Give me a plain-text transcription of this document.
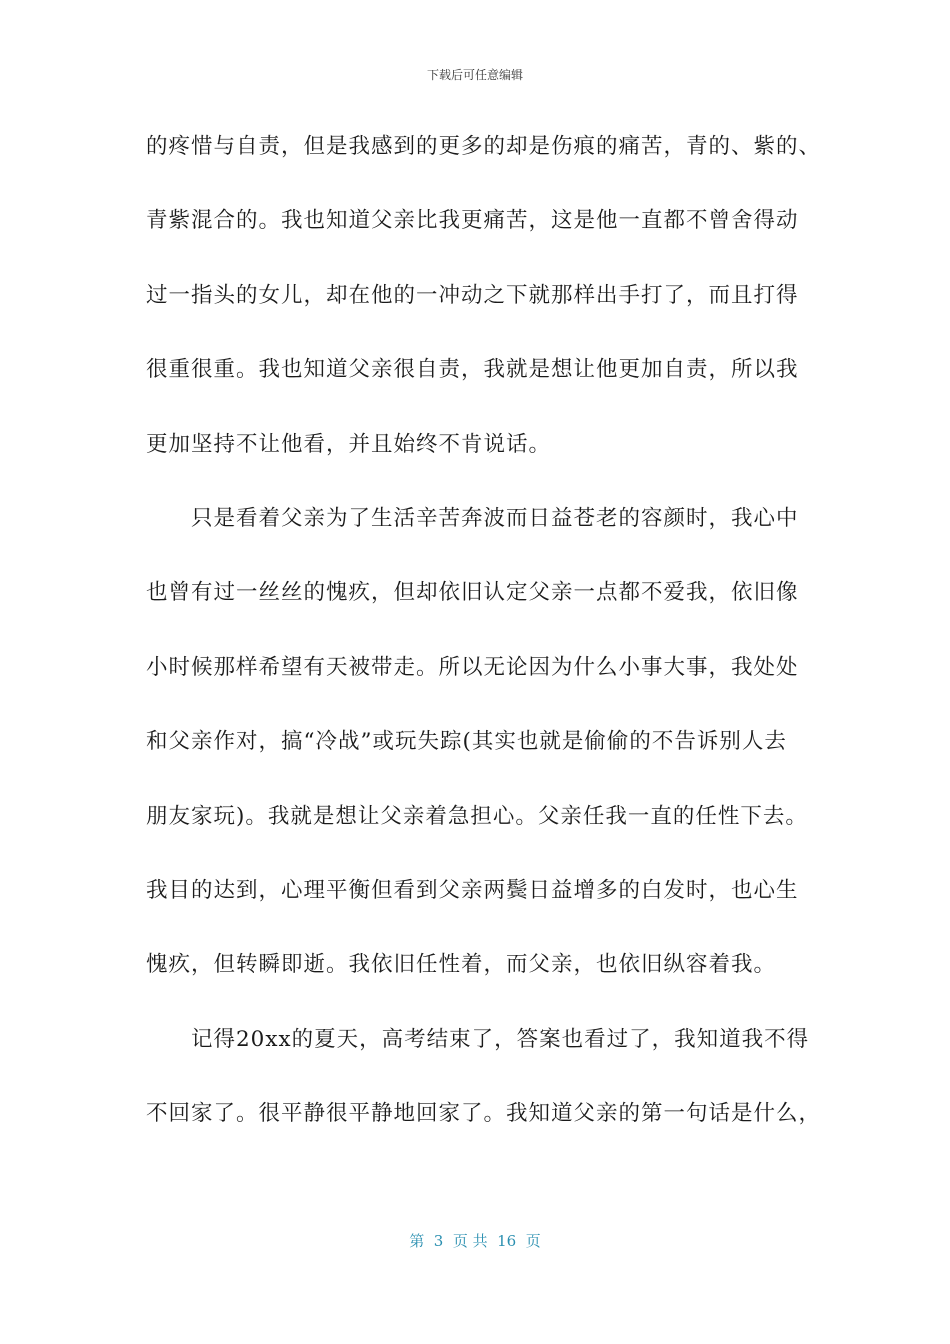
下载后可任意编辑
的疼惜与自责，但是我感到的更多的却是伤痕的痛苦，青的、紫的、
青紫混合的。我也知道父亲比我更痛苦，这是他一直都不曾舍得动
过一指头的女儿，却在他的一冲动之下就那样出手打了，而且打得
很重很重。我也知道父亲很自责，我就是想让他更加自责，所以我
更加坚持不让他看，并且始终不肯说话。
只是看着父亲为了生活辛苦奔波而日益苍老的容颜时，我心中
也曾有过一丝丝的愧疚，但却依旧认定父亲一点都不爱我，依旧像
小时候那样希望有天被带走。所以无论因为什么小事大事，我处处
和父亲作对，搞“冷战”或玩失踪(其实也就是偷偷的不告诉别人去
朋友家玩)。我就是想让父亲着急担心。父亲任我一直的任性下去。
我目的达到，心理平衡但看到父亲两鬓日益增多的白发时，也心生
愧疚，但转瞬即逝。我依旧任性着，而父亲，也依旧纵容着我。
记得20xx的夏天，高考结束了，答案也看过了，我知道我不得
不回家了。很平静很平静地回家了。我知道父亲的第一句话是什么，
第  3  页 共  16  页
